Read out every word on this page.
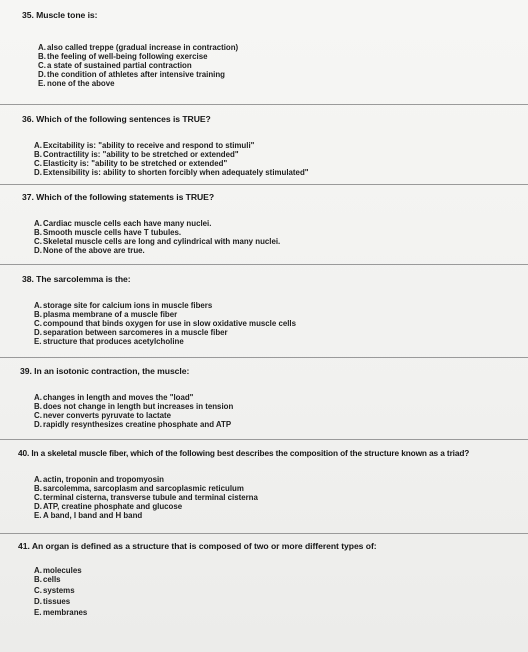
35. Muscle tone is:
A.also called treppe (gradual increase in contraction)
B.the feeling of well-being following exercise
C.a state of sustained partial contraction
D.the condition of athletes after intensive training
E. none of the above
36. Which of the following sentences is TRUE?
A.Excitability is: "ability to receive and respond to stimuli"
B.Contractility is: "ability to be stretched or extended"
C.Elasticity is: "ability to be stretched or extended"
D.Extensibility is: ability to shorten forcibly when adequately stimulated"
37. Which of the following statements is TRUE?
A.Cardiac muscle cells each have many nuclei.
B.Smooth muscle cells have T tubules.
C.Skeletal muscle cells are long and cylindrical with many nuclei.
D.None of the above are true.
38. The sarcolemma is the:
A.storage site for calcium ions in muscle fibers
B.plasma membrane of a muscle fiber
C.compound that binds oxygen for use in slow oxidative muscle cells
D.separation between sarcomeres in a muscle fiber
E. structure that produces acetylcholine
39. In an isotonic contraction, the muscle:
A.changes in length and moves the "load"
B.does not change in length but increases in tension
C.never converts pyruvate to lactate
D.rapidly resynthesizes creatine phosphate and ATP
40. In a skeletal muscle fiber, which of the following best describes the composition of the structure known as a triad?
A.actin, troponin and tropomyosin
B.sarcolemma, sarcoplasm and sarcoplasmic reticulum
C.terminal cisterna, transverse tubule and terminal cisterna
D.ATP, creatine phosphate and glucose
E. A band, I band and H band
41. An organ is defined as a structure that is composed of two or more different types of:
A.molecules
B.cells
C.systems
D.tissues
E. membranes
